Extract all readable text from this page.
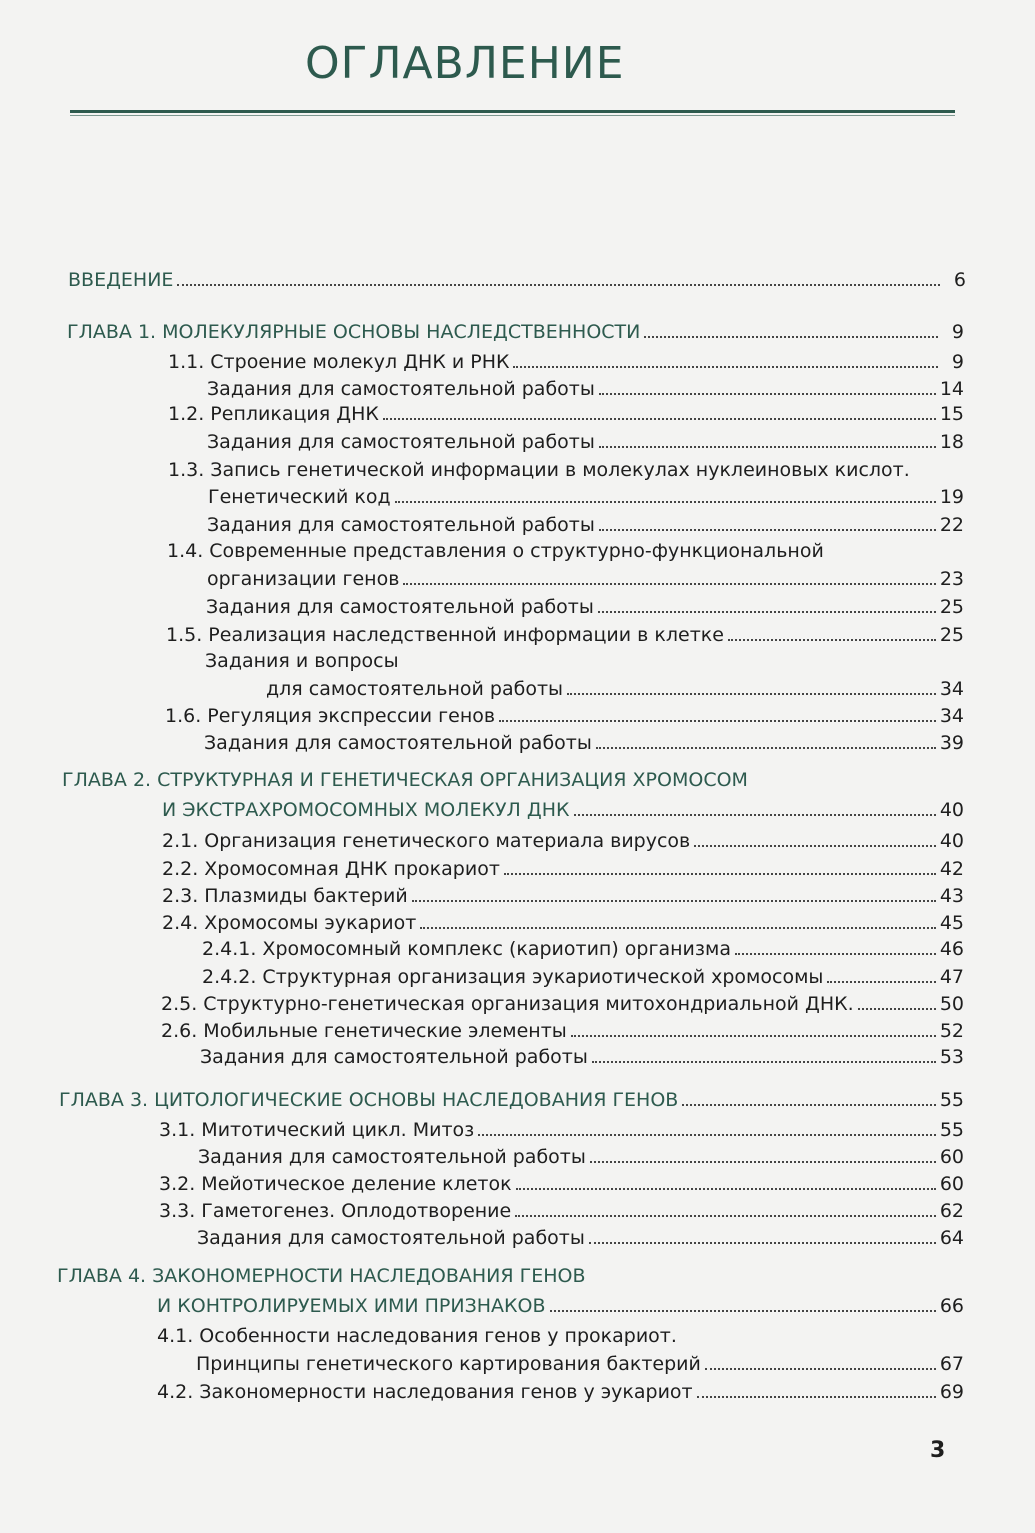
ОГЛАВЛЕНИЕ
ВВЕДЕНИЕ	6
ГЛАВА 1. МОЛЕКУЛЯРНЫЕ ОСНОВЫ НАСЛЕДСТВЕННОСТИ	9
1.1. Строение молекул ДНК и РНК	9
Задания для самостоятельной работы	14
1.2. Репликация ДНК	15
Задания для самостоятельной работы	18
1.3. Запись генетической информации в молекулах нуклеиновых кислот.
Генетический код	19
Задания для самостоятельной работы	22
1.4. Современные представления о структурно-функциональной
организации генов	23
Задания для самостоятельной работы	25
1.5. Реализация наследственной информации в клетке	25
Задания и вопросы
для самостоятельной работы	34
1.6. Регуляция экспрессии генов	34
Задания для самостоятельной работы	39
ГЛАВА 2. СТРУКТУРНАЯ И ГЕНЕТИЧЕСКАЯ ОРГАНИЗАЦИЯ ХРОМОСОМ
И ЭКСТРАХРОМОСОМНЫХ МОЛЕКУЛ ДНК	40
2.1. Организация генетического материала вирусов	40
2.2. Хромосомная ДНК прокариот	42
2.3. Плазмиды бактерий	43
2.4. Хромосомы эукариот	45
2.4.1. Хромосомный комплекс (кариотип) организма	46
2.4.2. Структурная организация эукариотической хромосомы	47
2.5. Структурно-генетическая организация митохондриальной ДНК.	50
2.6. Мобильные генетические элементы	52
Задания для самостоятельной работы	53
ГЛАВА 3. ЦИТОЛОГИЧЕСКИЕ ОСНОВЫ НАСЛЕДОВАНИЯ ГЕНОВ	55
3.1. Митотический цикл. Митоз	55
Задания для самостоятельной работы	60
3.2. Мейотическое деление клеток	60
3.3. Гаметогенез. Оплодотворение	62
Задания для самостоятельной работы	64
ГЛАВА 4. ЗАКОНОМЕРНОСТИ НАСЛЕДОВАНИЯ ГЕНОВ
И КОНТРОЛИРУЕМЫХ ИМИ ПРИЗНАКОВ	66
4.1. Особенности наследования генов у прокариот.
Принципы генетического картирования бактерий	67
4.2. Закономерности наследования генов у эукариот	69
3
